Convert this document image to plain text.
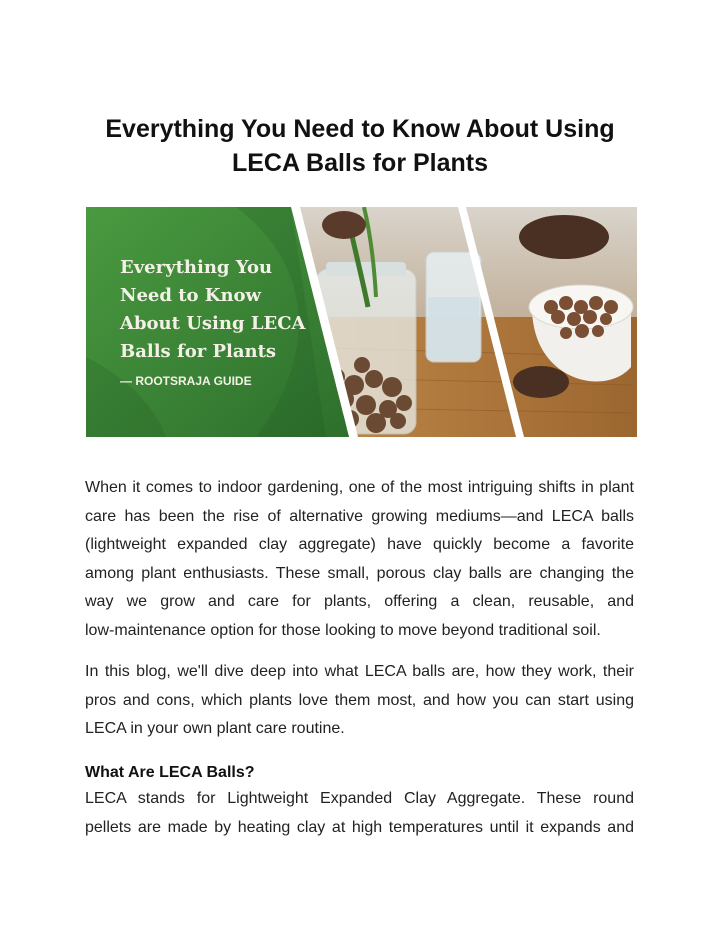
Everything You Need to Know About Using
LECA Balls for Plants
Everything You
Need to Know
About Using LECA
Balls for Plants
— ROOTSRAJA GUIDE
When it comes to indoor gardening, one of the most intriguing shifts in plant
care has been the rise of alternative growing mediums—and LECA balls
(lightweight expanded clay aggregate) have quickly become a favorite
among plant enthusiasts. These small, porous clay balls are changing the
way we grow and care for plants, offering a clean, reusable, and
low-maintenance option for those looking to move beyond traditional soil.
In this blog, we'll dive deep into what LECA balls are, how they work, their
pros and cons, which plants love them most, and how you can start using
LECA in your own plant care routine.
What Are LECA Balls?
LECA stands for Lightweight Expanded Clay Aggregate. These round
pellets are made by heating clay at high temperatures until it expands and
